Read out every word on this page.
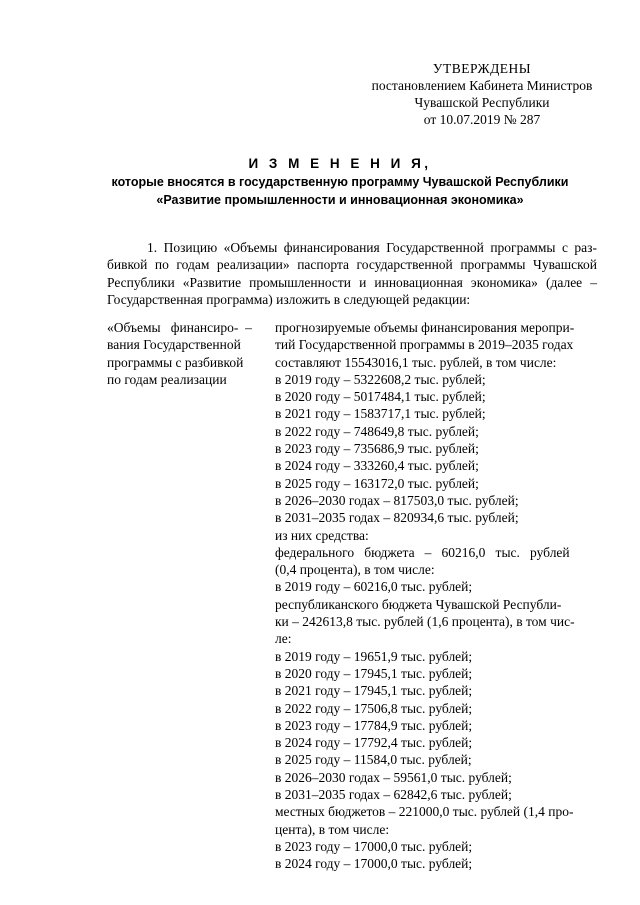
УТВЕРЖДЕНЫ
постановлением Кабинета Министров
Чувашской Республики
от 10.07.2019 № 287
И З М Е Н Е Н И Я,
которые вносятся в государственную программу Чувашской Республики
«Развитие промышленности и инновационная экономика»
1. Позицию «Объемы финансирования Государственной программы с раз-
бивкой по годам реализации» паспорта государственной программы Чувашской
Республики «Развитие промышленности и инновационная экономика» (далее –
Государственная программа) изложить в следующей редакции:
«Объемы   финансиро-  –
вания Государственной
программы с разбивкой
по годам реализации
прогнозируемые объемы финансирования меропри-
тий Государственной программы в 2019–2035 годах
составляют 15543016,1 тыс. рублей, в том числе:
в 2019 году – 5322608,2 тыс. рублей;
в 2020 году – 5017484,1 тыс. рублей;
в 2021 году – 1583717,1 тыс. рублей;
в 2022 году – 748649,8 тыс. рублей;
в 2023 году – 735686,9 тыс. рублей;
в 2024 году – 333260,4 тыс. рублей;
в 2025 году – 163172,0 тыс. рублей;
в 2026–2030 годах – 817503,0 тыс. рублей;
в 2031–2035 годах – 820934,6 тыс. рублей;
из них средства:
федерального   бюджета   –   60216,0   тыс.   рублей
(0,4 процента), в том числе:
в 2019 году – 60216,0 тыс. рублей;
республиканского бюджета Чувашской Республи-
ки – 242613,8 тыс. рублей (1,6 процента), в том чис-
ле:
в 2019 году – 19651,9 тыс. рублей;
в 2020 году – 17945,1 тыс. рублей;
в 2021 году – 17945,1 тыс. рублей;
в 2022 году – 17506,8 тыс. рублей;
в 2023 году – 17784,9 тыс. рублей;
в 2024 году – 17792,4 тыс. рублей;
в 2025 году – 11584,0 тыс. рублей;
в 2026–2030 годах – 59561,0 тыс. рублей;
в 2031–2035 годах – 62842,6 тыс. рублей;
местных бюджетов – 221000,0 тыс. рублей (1,4 про-
цента), в том числе:
в 2023 году – 17000,0 тыс. рублей;
в 2024 году – 17000,0 тыс. рублей;
